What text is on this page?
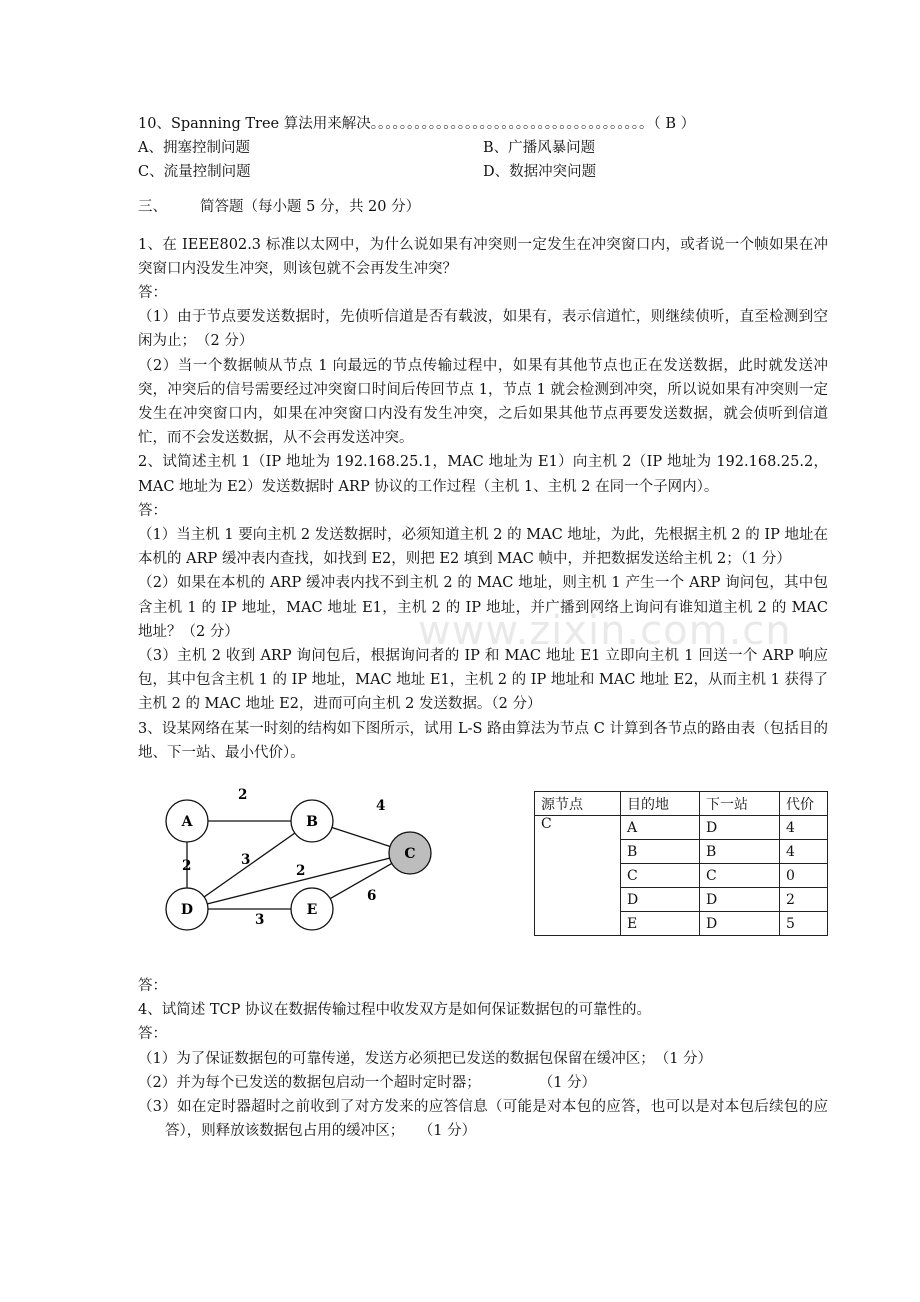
www.zixin.com.cn
10、Spanning Tree 算法用来解决。。。。。。。。。。。。。。。。。。。。。。。。。。。。。。。。。。。。。。（ B ）
A、拥塞控制问题	B、广播风暴问题
C、流量控制问题	D、数据冲突问题
三、 简答题（每小题 5 分，共 20 分）
1、在 IEEE802.3 标准以太网中，为什么说如果有冲突则一定发生在冲突窗口内，或者说一个帧如果在冲突窗口内没发生冲突，则该包就不会再发生冲突？
答：
（1）由于节点要发送数据时，先侦听信道是否有载波，如果有，表示信道忙，则继续侦听，直至检测到空闲为止；　（2 分）
（2）当一个数据帧从节点 1 向最远的节点传输过程中，如果有其他节点也正在发送数据，此时就发送冲突，冲突后的信号需要经过冲突窗口时间后传回节点 1，节点 1 就会检测到冲突，所以说如果有冲突则一定发生在冲突窗口内，如果在冲突窗口内没有发生冲突，之后如果其他节点再要发送数据，就会侦听到信道忙，而不会发送数据，从不会再发送冲突。
2、试简述主机 1（IP 地址为 192.168.25.1，MAC 地址为 E1）向主机 2（IP 地址为 192.168.25.2，MAC 地址为 E2）发送数据时 ARP 协议的工作过程（主机 1、主机 2 在同一个子网内）。
答：
（1）当主机 1 要向主机 2 发送数据时，必须知道主机 2 的 MAC 地址，为此，先根据主机 2 的 IP 地址在本机的 ARP 缓冲表内查找，如找到 E2，则把 E2 填到 MAC 帧中，并把数据发送给主机 2；（1 分）
（2）如果在本机的 ARP 缓冲表内找不到主机 2 的 MAC 地址，则主机 1 产生一个 ARP 询问包，其中包含主机 1 的 IP 地址，MAC 地址 E1，主机 2 的 IP 地址，并广播到网络上询问有谁知道主机 2 的 MAC 地址？（2 分）
（3）主机 2 收到 ARP 询问包后，根据询问者的 IP 和 MAC 地址 E1 立即向主机 1 回送一个 ARP 响应包，其中包含主机 1 的 IP 地址，MAC 地址 E1，主机 2 的 IP 地址和 MAC 地址 E2，从而主机 1 获得了主机 2 的 MAC 地址 E2，进而可向主机 2 发送数据。（2 分）
3、设某网络在某一时刻的结构如下图所示，试用 L-S 路由算法为节点 C 计算到各节点的路由表（包括目的地、下一站、最小代价）。
2
4
2	3
2
3
6
A	B
C
D	E
源节点	目的地	下一站	代价
C	A	D	4
	B	B	4
	C	C	0
	D	D	2
	E	D	5
答：
4、试简述 TCP 协议在数据传输过程中收发双方是如何保证数据包的可靠性的。
答：
（1）为了保证数据包的可靠传递，发送方必须把已发送的数据包保留在缓冲区；　（1 分）
（2）并为每个已发送的数据包启动一个超时定时器；　　　　　（1 分）
（3）如在定时器超时之前收到了对方发来的应答信息（可能是对本包的应答，也可以是对本包后续包的应答），则释放该数据包占用的缓冲区；　　（1 分）
